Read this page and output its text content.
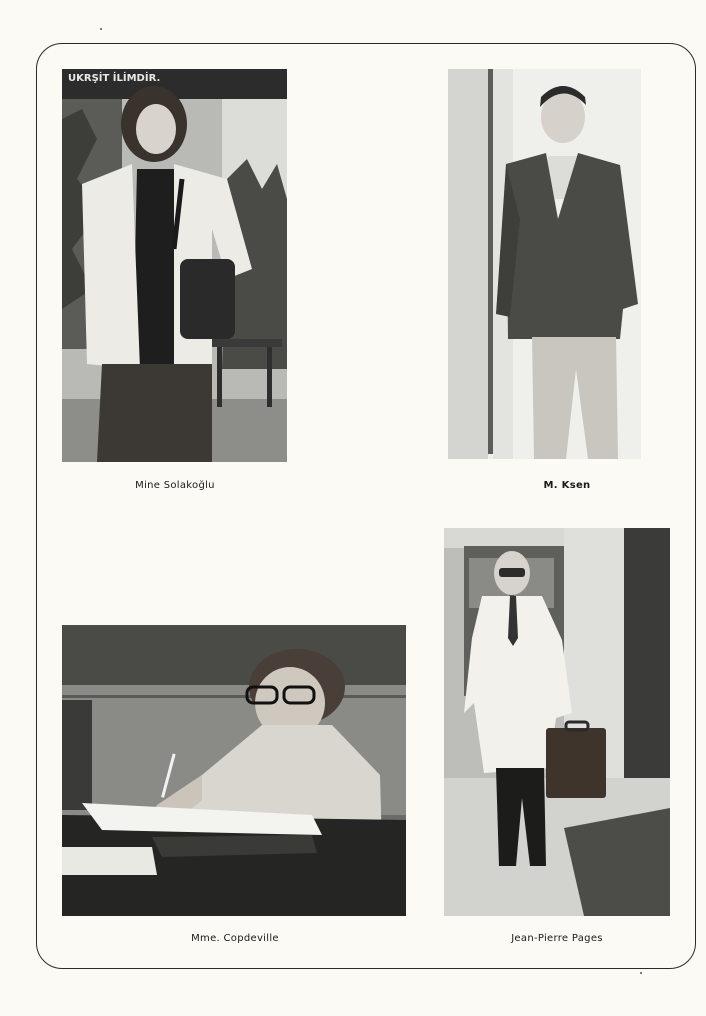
UKRŞİT İLİMDİR.
Mine Solakoğlu	M. Ksen
Mme. Copdeville	Jean-Pierre Pages
